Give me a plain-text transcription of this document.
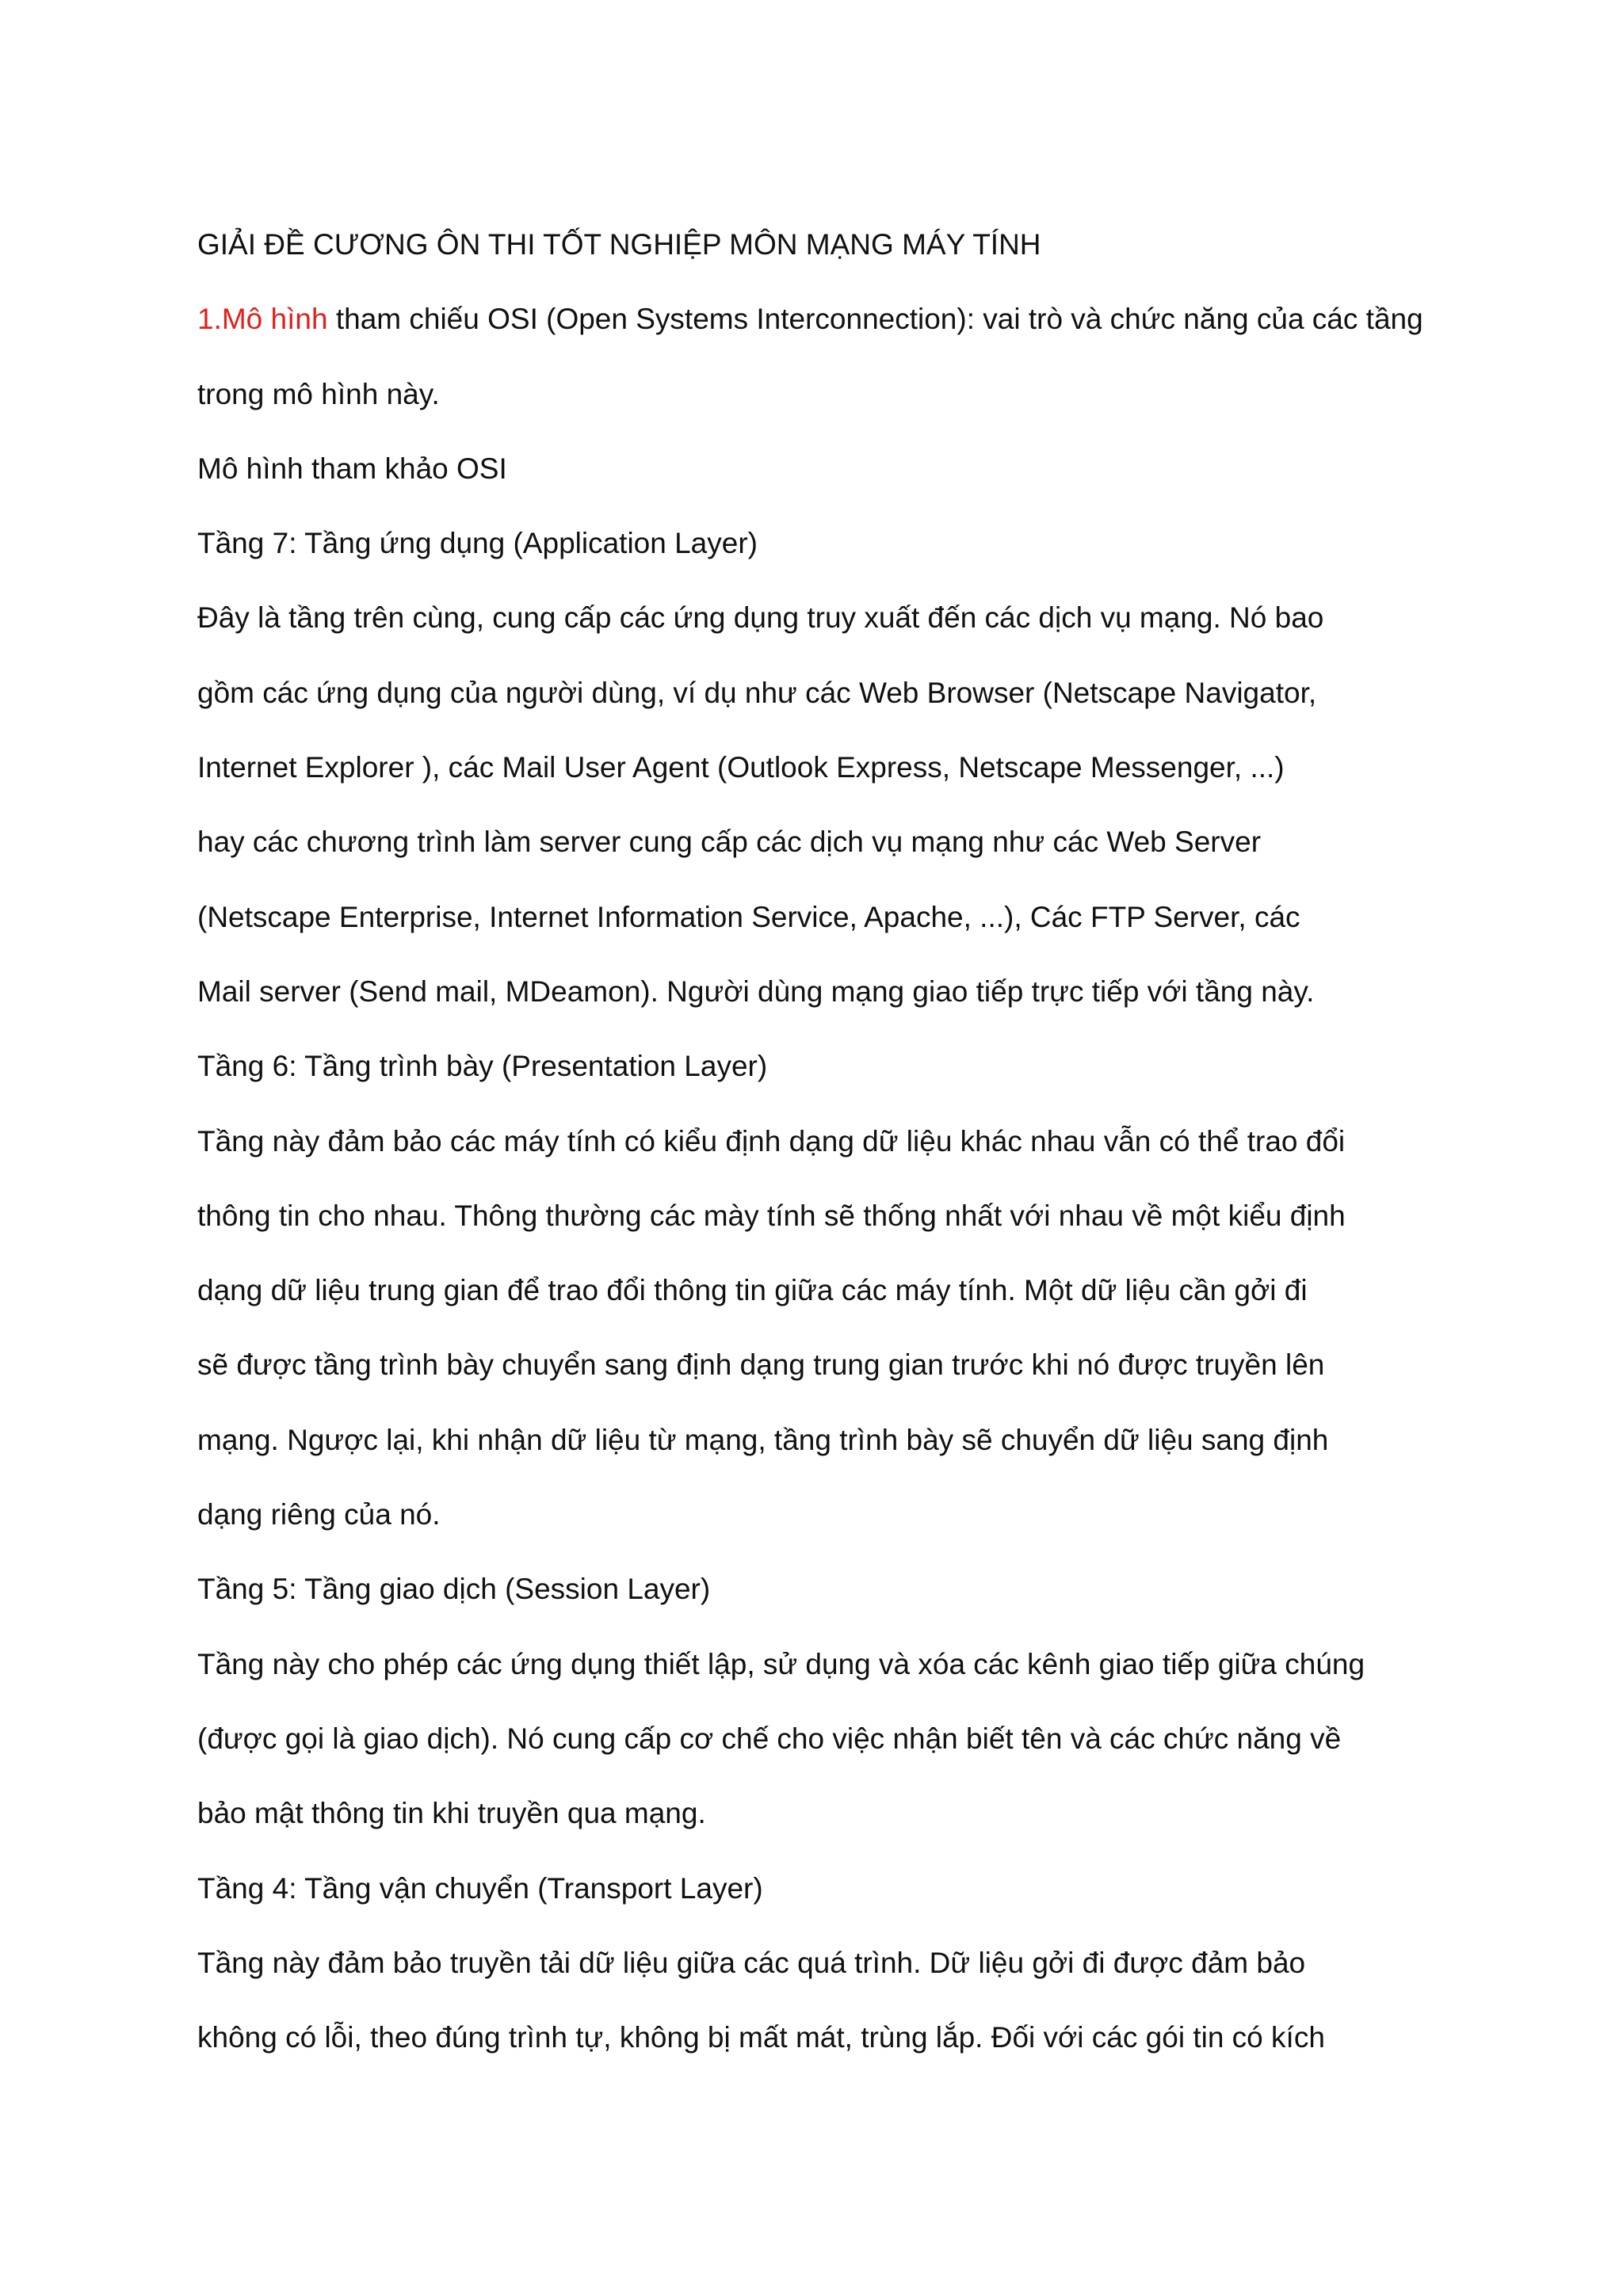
GIẢI ĐỀ CƯƠNG ÔN THI TỐT NGHIỆP MÔN MẠNG MÁY TÍNH
1.Mô hình tham chiếu OSI (Open Systems Interconnection): vai trò và chức năng của các tầng
trong mô hình này.
Mô hình tham khảo OSI
Tầng 7: Tầng ứng dụng (Application Layer)
Đây là tầng trên cùng, cung cấp các ứng dụng truy xuất đến các dịch vụ mạng. Nó bao
gồm các ứng dụng của người dùng, ví dụ như các Web Browser (Netscape Navigator,
Internet Explorer ), các Mail User Agent (Outlook Express, Netscape Messenger, ...)
hay các chương trình làm server cung cấp các dịch vụ mạng như các Web Server
(Netscape Enterprise, Internet Information Service, Apache, ...), Các FTP Server, các
Mail server (Send mail, MDeamon). Người dùng mạng giao tiếp trực tiếp với tầng này.
Tầng 6: Tầng trình bày (Presentation Layer)
Tầng này đảm bảo các máy tính có kiểu định dạng dữ liệu khác nhau vẫn có thể trao đổi
thông tin cho nhau. Thông thường các mày tính sẽ thống nhất với nhau về một kiểu định
dạng dữ liệu trung gian để trao đổi thông tin giữa các máy tính. Một dữ liệu cần gởi đi
sẽ được tầng trình bày chuyển sang định dạng trung gian trước khi nó được truyền lên
mạng. Ngược lại, khi nhận dữ liệu từ mạng, tầng trình bày sẽ chuyển dữ liệu sang định
dạng riêng của nó.
Tầng 5: Tầng giao dịch (Session Layer)
Tầng này cho phép các ứng dụng thiết lập, sử dụng và xóa các kênh giao tiếp giữa chúng
(được gọi là giao dịch). Nó cung cấp cơ chế cho việc nhận biết tên và các chức năng về
bảo mật thông tin khi truyền qua mạng.
Tầng 4: Tầng vận chuyển (Transport Layer)
Tầng này đảm bảo truyền tải dữ liệu giữa các quá trình. Dữ liệu gởi đi được đảm bảo
không có lỗi, theo đúng trình tự, không bị mất mát, trùng lắp. Đối với các gói tin có kích
